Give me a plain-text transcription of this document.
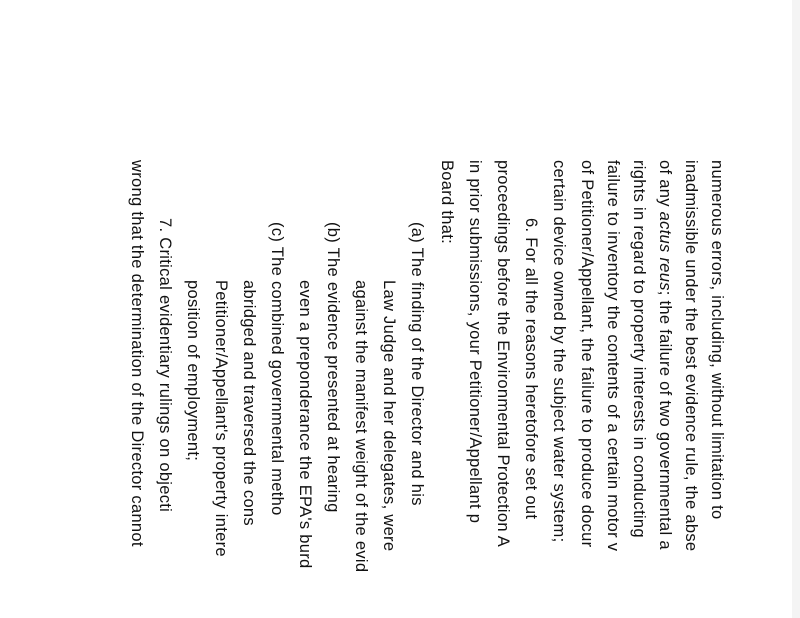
numerous errors, including, without limitation to
inadmissible under the best evidence rule, the abse
of any actus reus; the failure of two governmental a
rights in regard to property interests in conducting
failure to inventory the contents of a certain motor v
of Petitioner/Appellant, the failure to produce docur
certain device owned by the subject water system;
6. For all the reasons heretofore set out
proceedings before the Environmental Protection A
in prior submissions, your Petitioner/Appellant p
Board that:
(a) The finding of the Director and his
Law Judge and her delegates, were
against the manifest weight of the evid
(b) The evidence presented at hearing
even a preponderance the EPA's burd
(c) The combined governmental metho
abridged and traversed the cons
Petitioner/Appellant's property intere
position of employment;
7. Critical evidentiary rulings on objecti
wrong that the determination of the Director cannot
